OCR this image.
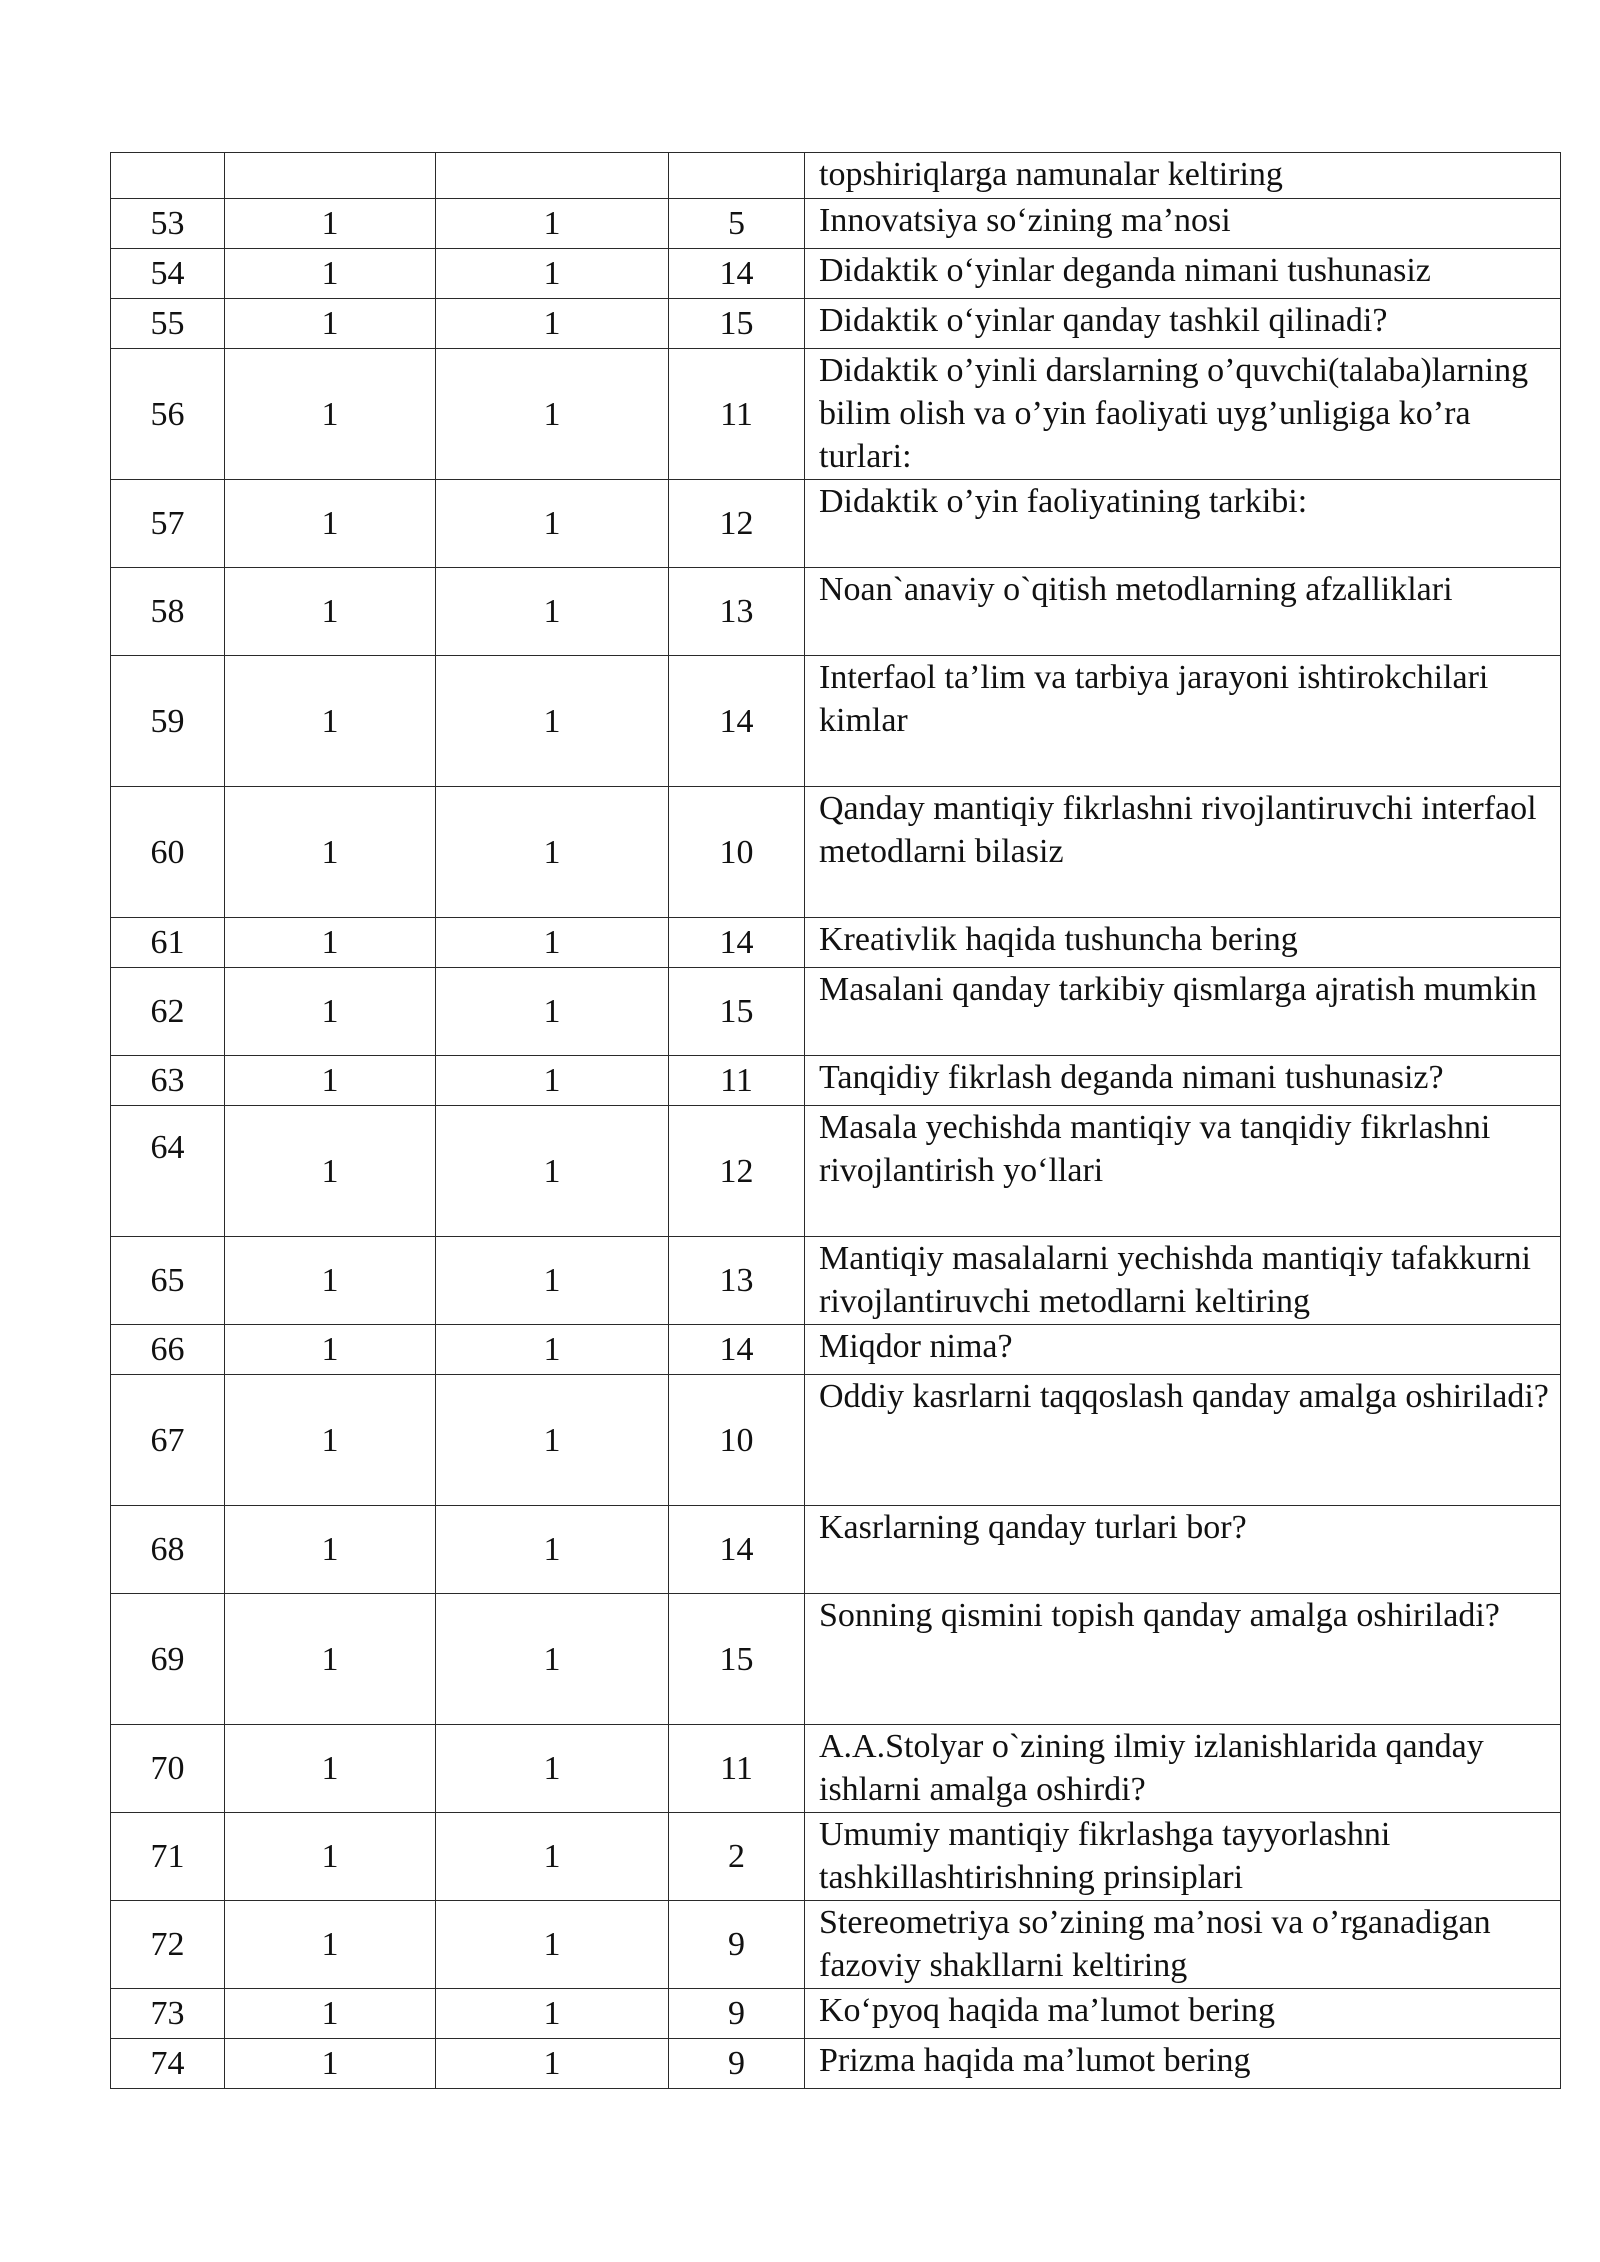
				topshiriqlarga namunalar keltiring
53	1	1	5	Innovatsiya so‘zining ma’nosi
54	1	1	14	Didaktik o‘yinlar deganda nimani tushunasiz
55	1	1	15	Didaktik o‘yinlar qanday tashkil qilinadi?
56	1	1	11	Didaktik o’yinli darslarning o’quvchi(talaba)larning bilim olish va o’yin faoliyati uyg’unligiga ko’ra turlari:
57	1	1	12	Didaktik o’yin faoliyatining tarkibi:
58	1	1	13	Noan`anaviy o`qitish metodlarning afzalliklari
59	1	1	14	Interfaol ta’lim va tarbiya jarayoni ishtirokchilari kimlar
60	1	1	10	Qanday mantiqiy fikrlashni rivojlantiruvchi interfaol metodlarni bilasiz
61	1	1	14	Kreativlik haqida tushuncha bering
62	1	1	15	Masalani qanday tarkibiy qismlarga ajratish mumkin
63	1	1	11	Tanqidiy fikrlash deganda nimani tushunasiz?
64	1	1	12	Masala yechishda mantiqiy va tanqidiy fikrlashni rivojlantirish yo‘llari
65	1	1	13	Mantiqiy masalalarni yechishda mantiqiy tafakkurni rivojlantiruvchi metodlarni keltiring
66	1	1	14	Miqdor nima?
67	1	1	10	Oddiy kasrlarni taqqoslash qanday amalga oshiriladi?
68	1	1	14	Kasrlarning qanday turlari bor?
69	1	1	15	Sonning qismini topish qanday amalga oshiriladi?
70	1	1	11	A.A.Stolyar o`zining ilmiy izlanishlarida qanday ishlarni amalga oshirdi?
71	1	1	2	Umumiy mantiqiy fikrlashga tayyorlashni tashkillashtirishning prinsiplari
72	1	1	9	Stereometriya so’zining ma’nosi va o’rganadigan fazoviy shakllarni keltiring
73	1	1	9	Ko‘pyoq haqida ma’lumot bering
74	1	1	9	Prizma haqida ma’lumot bering
